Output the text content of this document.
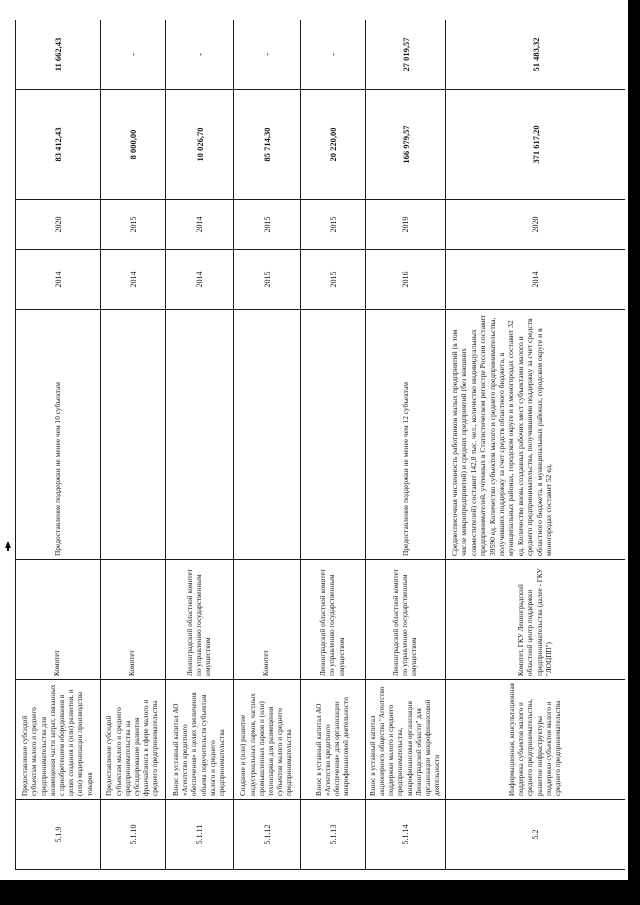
5.1.9	Предоставление субсидий субъектам малого и среднего предпринимательства для возмещения части затрат, связанных с приобретением оборудования в целях создания и (или) развития, и (или) модернизации производства товаров	Комитет	Предоставление поддержки не менее чем 10 субъектам	2014	2020	83 412,43	11 662,43
5.1.10	Предоставление субсидий субъектам малого и среднего предпринимательства на субсидирование развития франчайзинга в сфере малого и среднего предпринимательства	Комитет		2014	2015	8 000,00	-
5.1.11	Взнос в уставный капитал АО «Агентство кредитного обеспечения» в целях увеличения объема поручительств субъектам малого и среднего предпринимательства	Ленинградский областной комитет по управлению государственным имуществом		2014	2014	10 026,70	-
5.1.12	Создание и (или) развитие индустриальных парков, частных промышленных парков и (или) технопарков для размещения субъектов малого и среднего предпринимательства	Комитет		2015	2015	85 714,30	-
5.1.13	Взнос в уставный капитал АО «Агентство кредитного обеспечения» для организации микрофинансовой деятельности	Ленинградский областной комитет по управлению государственным имуществом		2015	2015	20 220,00	-
5.1.14	Взнос в уставный капитал акционерного общества "Агентство поддержки малого и среднего предпринимательства, микрофинансовая организация Ленинградской области" для организации микрофинансовой деятельности	Ленинградский областной комитет по управлению государственным имуществом	Предоставление поддержки не менее чем 12 субъектам	2016	2019	166 979,57	27 019,57
5.2	Информационная, консультационная поддержка субъектов малого и среднего предпринимательства, развитие инфраструктуры поддержки субъектов малого и среднего предпринимательства	Комитет, ГКУ Ленинградский областной центр поддержки предпринимательства (далее - ГКУ "ЛОЦПП")	Среднесписочная численность работников малых предприятий (в том числе микропредприятий) и средних предприятий (без внешних совместителей) составит 142,8 тыс. чел., количество индивидуальных предпринимателей, учтенных в Статистическом регистре России составит 39590 ед. Количество субъектов малого и среднего предпринимательства, получивших поддержку за счет средств областного бюджета, в муниципальных районах, городском округе и в моногородах составит 32 ед. Количество вновь созданных рабочих мест субъектами малого и среднего предпринимательства, получившими поддержку за счет средств областного бюджета, в муниципальных районах, городском округе и в моногородах составит 52 ед.	2014	2020	371 617,20	51 483,32
